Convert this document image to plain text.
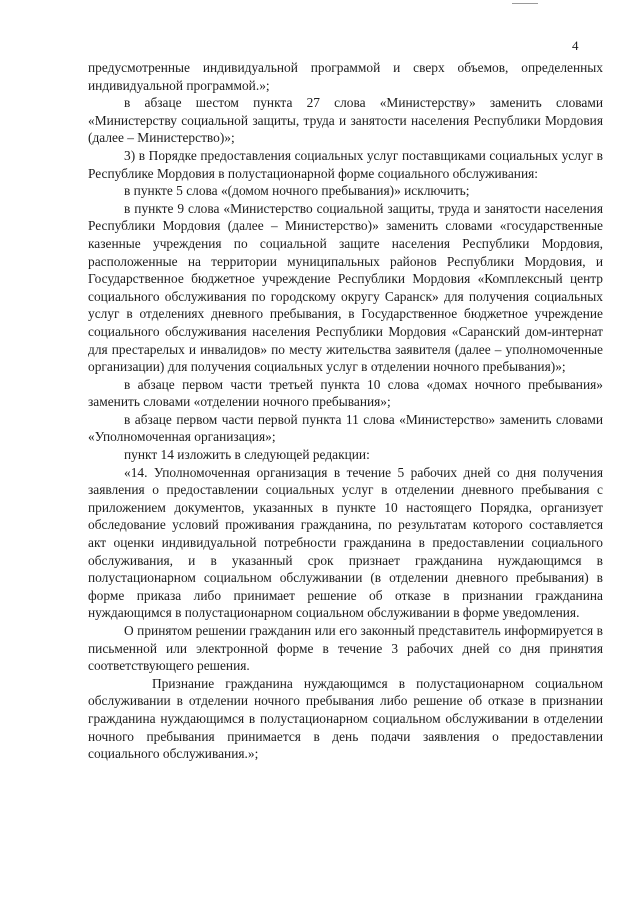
4

предусмотренные индивидуальной программой и сверх объемов, определенных индивидуальной программой.»;

в абзаце шестом пункта 27 слова «Министерству» заменить словами «Министерству социальной защиты, труда и занятости населения Республики Мордовия (далее – Министерство)»;

3) в Порядке предоставления социальных услуг поставщиками социальных услуг в Республике Мордовия в полустационарной форме социального обслуживания:

в пункте 5 слова «(домом ночного пребывания)» исключить;

в пункте 9 слова «Министерство социальной защиты, труда и занятости населения Республики Мордовия (далее – Министерство)» заменить словами «государственные казенные учреждения по социальной защите населения Республики Мордовия, расположенные на территории муниципальных районов Республики Мордовия, и Государственное бюджетное учреждение Республики Мордовия «Комплексный центр социального обслуживания по городскому округу Саранск» для получения социальных услуг в отделениях дневного пребывания, в Государственное бюджетное учреждение социального обслуживания населения Республики Мордовия «Саранский дом-интернат для престарелых и инвалидов» по месту жительства заявителя (далее – уполномоченные организации) для получения социальных услуг в отделении ночного пребывания)»;

в абзаце первом части третьей пункта 10 слова «домах ночного пребывания» заменить словами «отделении ночного пребывания»;

в абзаце первом части первой пункта 11 слова «Министерство» заменить словами «Уполномоченная организация»;

пункт 14 изложить в следующей редакции:

«14. Уполномоченная организация в течение 5 рабочих дней со дня получения заявления о предоставлении социальных услуг в отделении дневного пребывания с приложением документов, указанных в пункте 10 настоящего Порядка, организует обследование условий проживания гражданина, по результатам которого составляется акт оценки индивидуальной потребности гражданина в предоставлении социального обслуживания, и в указанный срок признает гражданина нуждающимся в полустационарном социальном обслуживании (в отделении дневного пребывания) в форме приказа либо принимает решение об отказе в признании гражданина нуждающимся в полустационарном социальном обслуживании в форме уведомления.

О принятом решении гражданин или его законный представитель информируется в письменной или электронной форме в течение 3 рабочих дней со дня принятия соответствующего решения.

Признание гражданина нуждающимся в полустационарном социальном обслуживании в отделении ночного пребывания либо решение об отказе в признании гражданина нуждающимся в полустационарном социальном обслуживании в отделении ночного пребывания принимается в день подачи заявления о предоставлении социального обслуживания.»;
